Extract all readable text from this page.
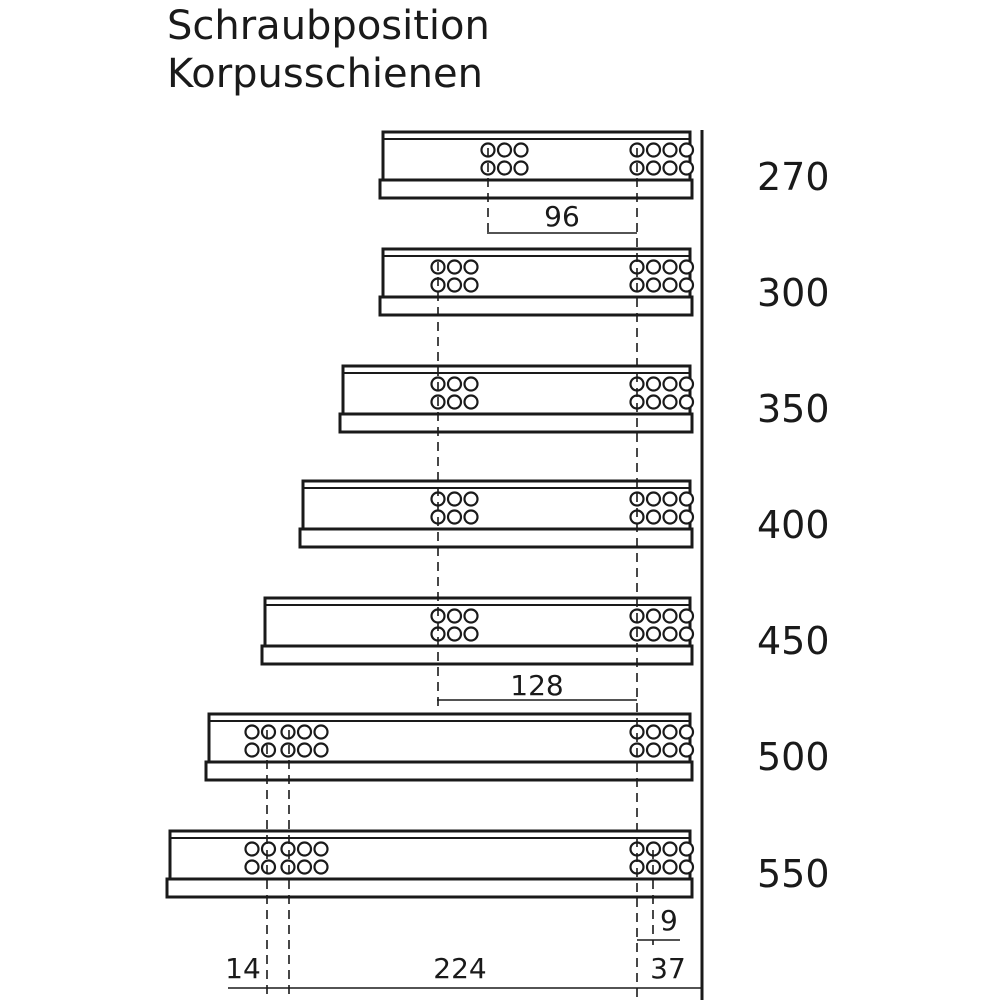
Schraubposition
Korpusschienen
96
128
9
14	224	37
270
300
350
400
450
500
550
